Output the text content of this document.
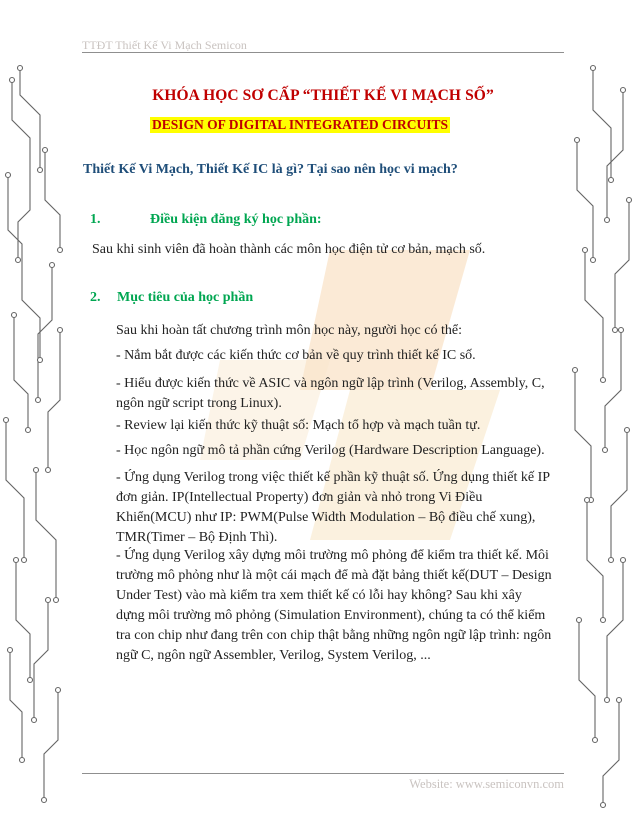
TTĐT Thiết Kế Vi Mạch Semicon
KHÓA HỌC SƠ CẤP “THIẾT KẾ VI MẠCH SỐ”
DESIGN OF DIGITAL INTEGRATED CIRCUITS
Thiết Kế Vi Mạch, Thiết Kế IC là gì? Tại sao nên học vi mạch?
1.	Điều kiện đăng ký học phần:
Sau khi sinh viên đã hoàn thành các môn học điện tử cơ bản, mạch số.
2. Mục tiêu của học phần
Sau khi hoàn tất chương trình môn học này, người học có thể:
- Nắm bắt được các kiến thức cơ bản về quy trình thiết kế IC số.
- Hiểu được kiến thức về ASIC và ngôn ngữ lập trình (Verilog, Assembly, C, ngôn ngữ script trong Linux).
- Review lại kiến thức kỹ thuật số: Mạch tổ hợp và mạch tuần tự.
- Học ngôn ngữ mô tả phần cứng Verilog (Hardware Description Language).
- Ứng dụng Verilog trong việc thiết kế phần kỹ thuật số. Ứng dụng thiết kế IP đơn giản. IP(Intellectual Property) đơn giản và nhỏ trong Vi Điều Khiển(MCU) như IP: PWM(Pulse Width Modulation – Bộ điều chế xung), TMR(Timer – Bộ Định Thì).
- Ứng dụng Verilog xây dựng môi trường mô phỏng để kiểm tra thiết kế. Môi trường mô phỏng như là một cái mạch để mà đặt bảng thiết kế(DUT – Design Under Test) vào mà kiểm tra xem thiết kế có lỗi hay không? Sau khi xây dựng môi trường mô phỏng (Simulation Environment), chúng ta có thể kiểm tra con chip như đang trên con chip thật bằng những ngôn ngữ lập trình: ngôn ngữ C, ngôn ngữ Assembler, Verilog, System Verilog, ...
Website: www.semiconvn.com
